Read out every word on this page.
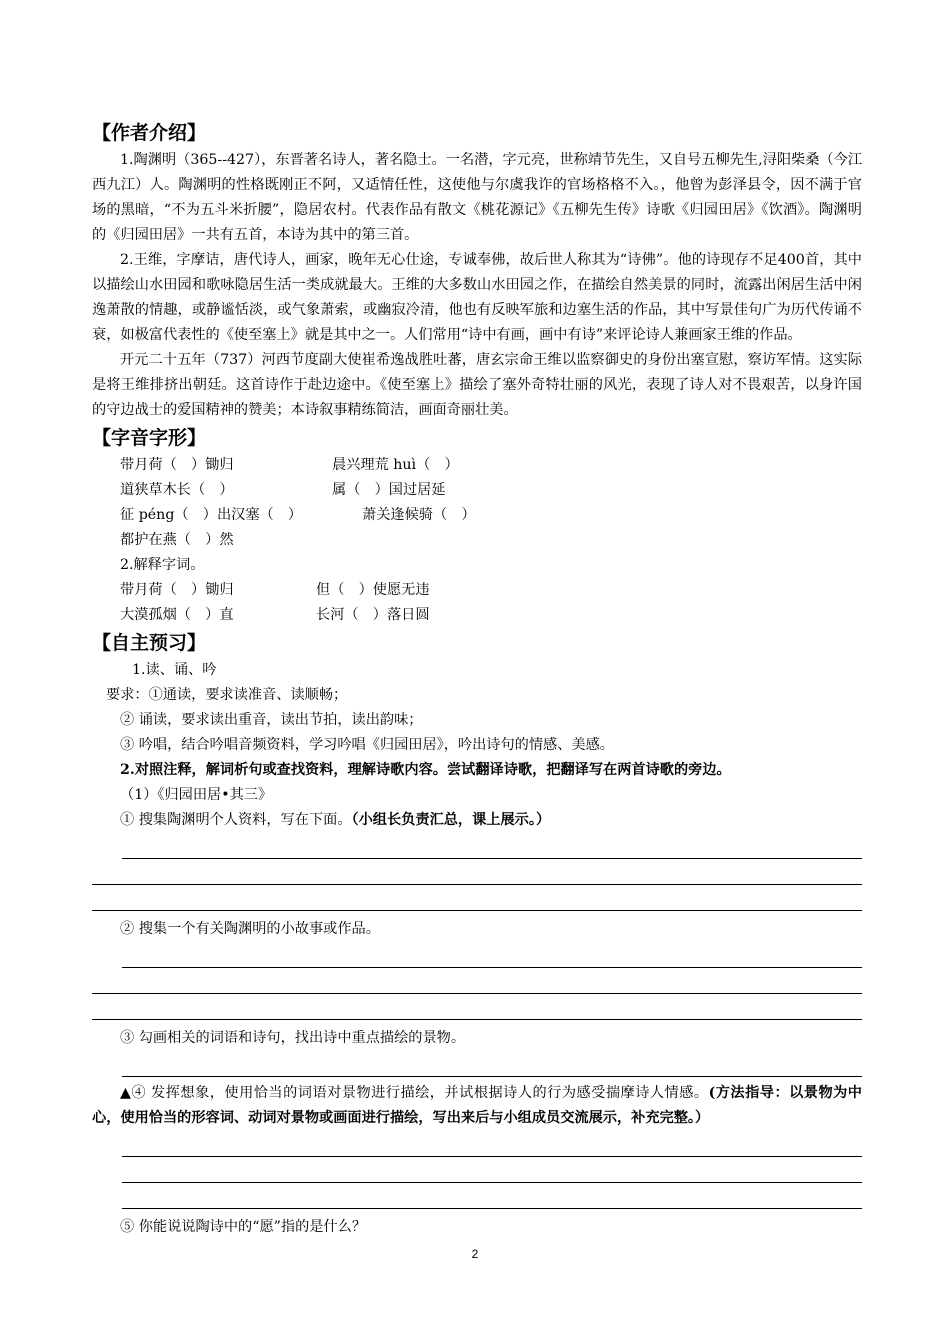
【作者介绍】
1.陶渊明（365--427），东晋著名诗人，著名隐士。一名潜，字元亮，世称靖节先生，又自号五柳先生,浔阳柴桑（今江西九江）人。陶渊明的性格既刚正不阿，又适情任性，这使他与尔虞我诈的官场格格不入。，他曾为彭泽县令，因不满于官场的黑暗，“不为五斗米折腰”，隐居农村。代表作品有散文《桃花源记》《五柳先生传》诗歌《归园田居》《饮酒》。陶渊明的《归园田居》一共有五首，本诗为其中的第三首。
2.王维，字摩诘，唐代诗人，画家，晚年无心仕途，专诚奉佛，故后世人称其为“诗佛”。他的诗现存不足400首，其中以描绘山水田园和歌咏隐居生活一类成就最大。王维的大多数山水田园之作，在描绘自然美景的同时，流露出闲居生活中闲逸萧散的情趣，或静谧恬淡，或气象萧索，或幽寂冷清，他也有反映军旅和边塞生活的作品，其中写景佳句广为历代传诵不衰，如极富代表性的《使至塞上》就是其中之一。人们常用“诗中有画，画中有诗”来评论诗人兼画家王维的作品。
开元二十五年（737）河西节度副大使崔希逸战胜吐蕃，唐玄宗命王维以监察御史的身份出塞宣慰，察访军情。这实际是将王维排挤出朝廷。这首诗作于赴边途中。《使至塞上》描绘了塞外奇特壮丽的风光，表现了诗人对不畏艰苦，以身许国的守边战士的爱国精神的赞美；本诗叙事精练简洁，画面奇丽壮美。
【字音字形】
带月荷（　）锄归	晨兴理荒 huì（　）
道狭草木长（　）	属（　）国过居延
征 péng（　）出汉塞（　）	萧关逢候骑（　）
都护在燕（　）然
2.解释字词。
带月荷（　）锄归	但（　）使愿无违
大漠孤烟（　）直	长河（　）落日圆
【自主预习】
1.读、诵、吟
要求：①通读，要求读准音、读顺畅；
② 诵读，要求读出重音，读出节拍，读出韵味；
③ 吟唱，结合吟唱音频资料，学习吟唱《归园田居》，吟出诗句的情感、美感。
2.对照注释，解词析句或查找资料，理解诗歌内容。尝试翻译诗歌，把翻译写在两首诗歌的旁边。
（1）《归园田居•其三》
① 搜集陶渊明个人资料，写在下面。（小组长负责汇总，课上展示。）
② 搜集一个有关陶渊明的小故事或作品。
③ 勾画相关的词语和诗句，找出诗中重点描绘的景物。
▲④ 发挥想象，使用恰当的词语对景物进行描绘，并试根据诗人的行为感受揣摩诗人情感。(方法指导：以景物为中心，使用恰当的形容词、动词对景物或画面进行描绘，写出来后与小组成员交流展示，补充完整。）
⑤ 你能说说陶诗中的“愿”指的是什么？
2
